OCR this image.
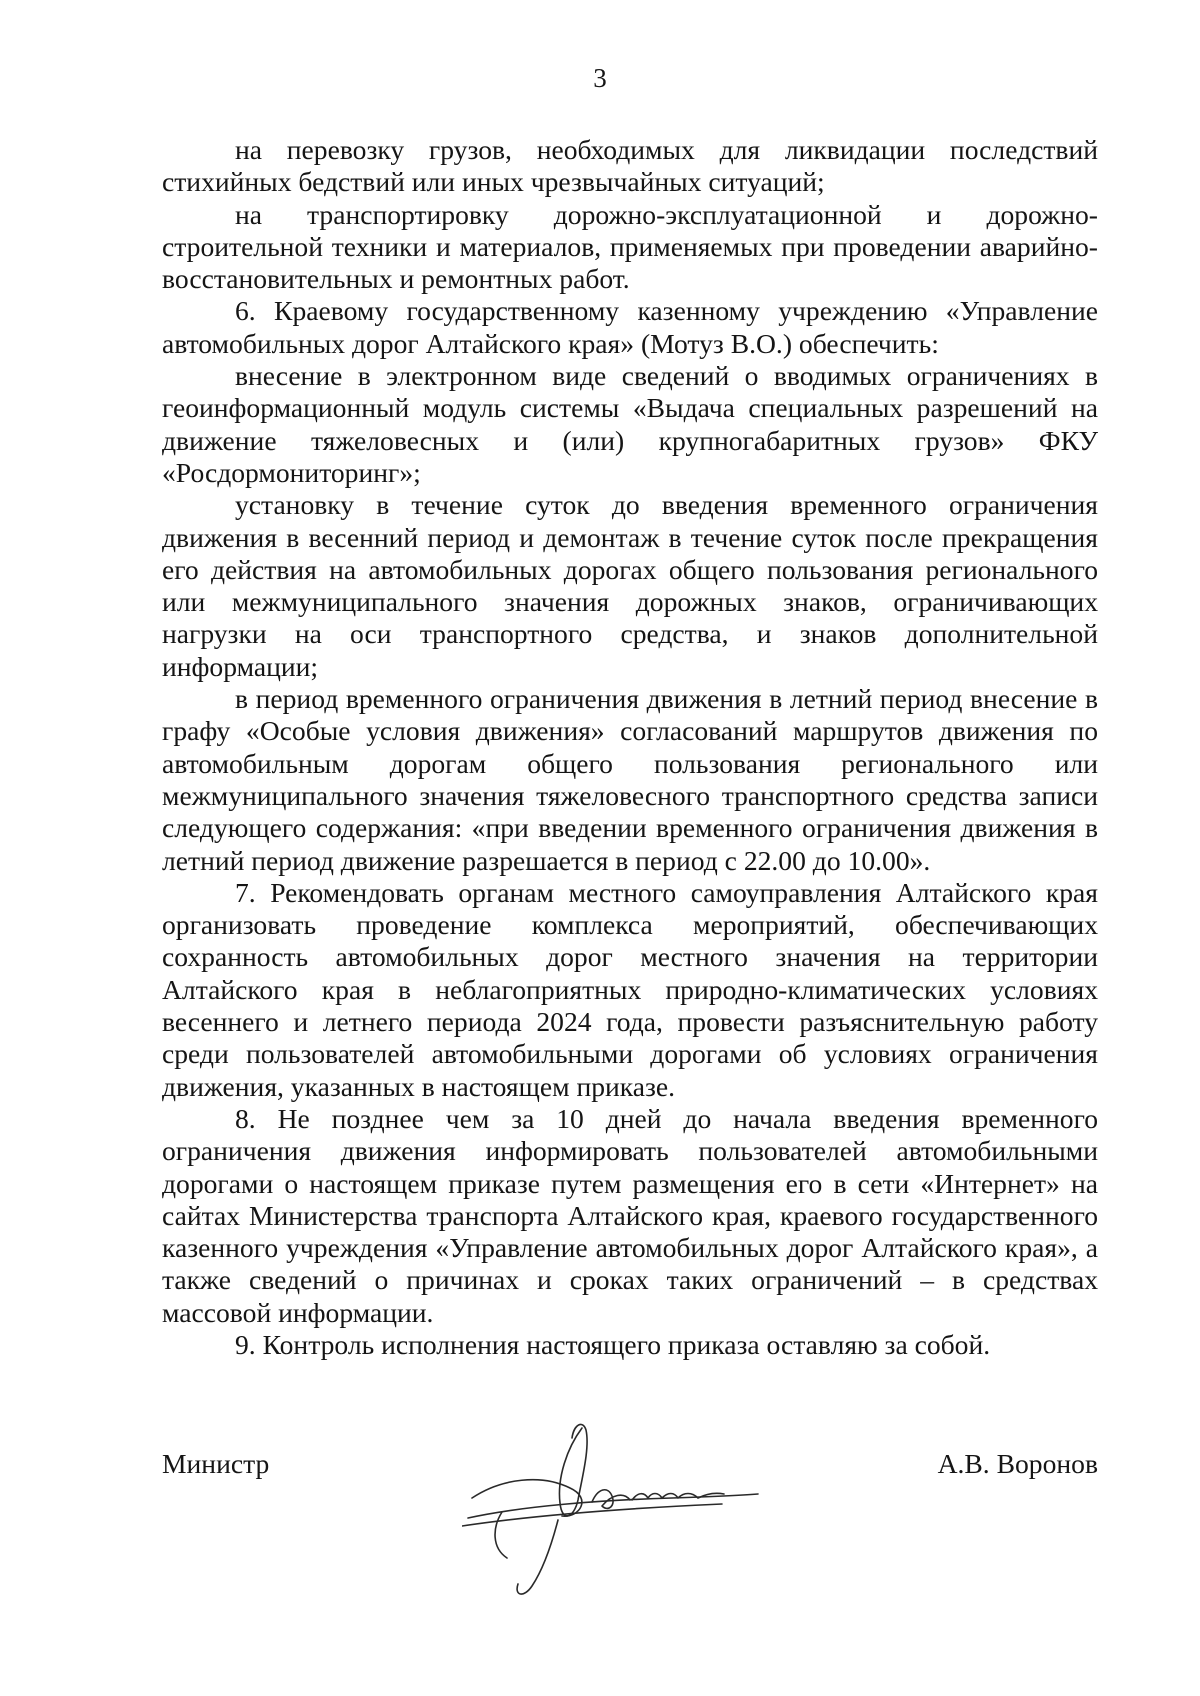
3

на перевозку грузов, необходимых для ликвидации последствий стихийных бедствий или иных чрезвычайных ситуаций;

на транспортировку дорожно-эксплуатационной и дорожно-строительной техники и материалов, применяемых при проведении аварийно-восстановительных и ремонтных работ.

6. Краевому государственному казенному учреждению «Управление автомобильных дорог Алтайского края» (Мотуз В.О.) обеспечить:

внесение в электронном виде сведений о вводимых ограничениях в геоинформационный модуль системы «Выдача специальных разрешений на движение тяжеловесных и (или) крупногабаритных грузов» ФКУ «Росдормониторинг»;

установку в течение суток до введения временного ограничения движения в весенний период и демонтаж в течение суток после прекращения его действия на автомобильных дорогах общего пользования регионального или межмуниципального значения дорожных знаков, ограничивающих нагрузки на оси транспортного средства, и знаков дополнительной информации;

в период временного ограничения движения в летний период внесение в графу «Особые условия движения» согласований маршрутов движения по автомобильным дорогам общего пользования регионального или межмуниципального значения тяжеловесного транспортного средства записи следующего содержания: «при введении временного ограничения движения в летний период движение разрешается в период с 22.00 до 10.00».

7. Рекомендовать органам местного самоуправления Алтайского края организовать проведение комплекса мероприятий, обеспечивающих сохранность автомобильных дорог местного значения на территории Алтайского края в неблагоприятных природно-климатических условиях весеннего и летнего периода 2024 года, провести разъяснительную работу среди пользователей автомобильными дорогами об условиях ограничения движения, указанных в настоящем приказе.

8. Не позднее чем за 10 дней до начала введения временного ограничения движения информировать пользователей автомобильными дорогами о настоящем приказе путем размещения его в сети «Интернет» на сайтах Министерства транспорта Алтайского края, краевого государственного казенного учреждения «Управление автомобильных дорог Алтайского края», а также сведений о причинах и сроках таких ограничений – в средствах массовой информации.

9. Контроль исполнения настоящего приказа оставляю за собой.

Министр	А.В. Воронов
